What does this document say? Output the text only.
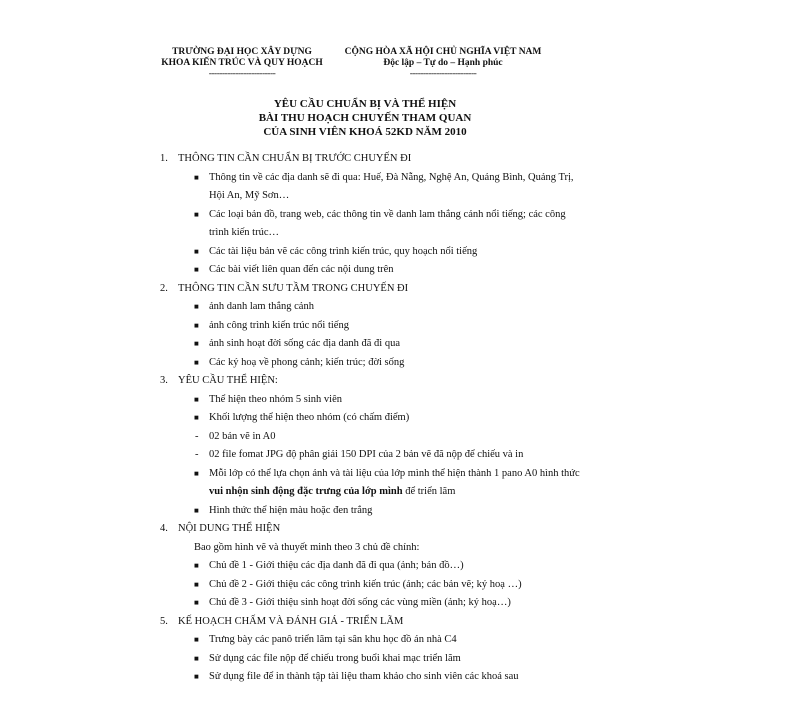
TRƯỜNG ĐẠI HỌC XÂY DỰNG
KHOA KIẾN TRÚC VÀ QUY HOẠCH
-------------------------
CỘNG HÒA XÃ HỘI CHỦ NGHĨA VIỆT NAM
Độc lập – Tự do – Hạnh phúc
-------------------------
YÊU CẦU CHUẨN BỊ VÀ THỂ HIỆN
BÀI THU HOẠCH CHUYẾN THAM QUAN
CỦA SINH VIÊN KHOÁ 52KD NĂM 2010
1. THÔNG TIN CẦN CHUẨN BỊ TRƯỚC CHUYẾN ĐI
■ Thông tin về các địa danh sẽ đi qua: Huế, Đà Nẵng, Nghệ An, Quảng Bình, Quảng Trị, Hội An, Mỹ Sơn…
■ Các loại bản đồ, trang web, các thông tin về danh lam thắng cảnh nổi tiếng; các công trình kiến trúc…
■ Các tài liệu bản vẽ các công trình kiến trúc, quy hoạch nổi tiếng
■ Các bài viết liên quan đến các nội dung trên
2. THÔNG TIN CẦN SƯU TẦM TRONG CHUYẾN ĐI
■ ảnh danh lam thắng cảnh
■ ảnh công trình kiến trúc nổi tiếng
■ ảnh sinh hoạt đời sống các địa danh đã đi qua
■ Các ký hoạ về phong cảnh; kiến trúc; đời sống
3. YÊU CẦU THỂ HIỆN:
■ Thể hiện theo nhóm 5 sinh viên
■ Khối lượng thể hiện theo nhóm (có chấm điểm)
- 02 bản vẽ in A0
- 02 file fomat JPG độ phân giải 150 DPI của 2 bản vẽ đã nộp để chiếu và in
■ Mỗi lớp có thể lựa chọn ảnh và tài liệu của lớp mình thể hiện thành 1 pano A0 hình thức vui nhộn sinh động đặc trưng của lớp mình để triển lãm
■ Hình thức thể hiện màu hoặc đen trắng
4. NỘI DUNG THỂ HIỆN
Bao gồm hình vẽ và thuyết minh theo 3 chủ đề chính:
■ Chủ đề 1 - Giới thiệu các địa danh đã đi qua (ảnh; bản đồ…)
■ Chủ đề 2 - Giới thiệu các công trình kiến trúc (ảnh; các bản vẽ; ký hoạ …)
■ Chủ đề 3 - Giới thiệu sinh hoạt đời sống các vùng miền (ảnh; ký hoạ…)
5. KẾ HOẠCH CHẤM VÀ ĐÁNH GIÁ - TRIỂN LÃM
■ Trưng bày các panô triển lãm tại sân khu học đồ án nhà C4
■ Sử dụng các file nộp để chiếu trong buổi khai mạc triển lãm
■ Sử dụng file để in thành tập tài liệu tham khảo cho sinh viên các khoá sau
